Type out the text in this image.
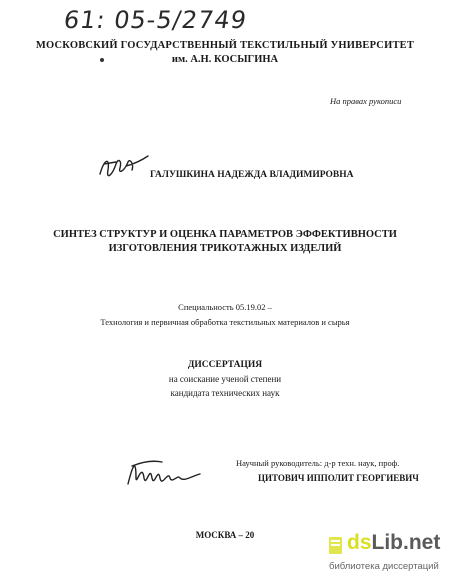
61: 05-5/2749
МОСКОВСКИЙ ГОСУДАРСТВЕННЫЙ ТЕКСТИЛЬНЫЙ УНИВЕРСИТЕТ
им. А.Н. КОСЫГИНА
На правах рукописи
ГАЛУШКИНА НАДЕЖДА ВЛАДИМИРОВНА
СИНТЕЗ СТРУКТУР И ОЦЕНКА ПАРАМЕТРОВ ЭФФЕКТИВНОСТИ
ИЗГОТОВЛЕНИЯ ТРИКОТАЖНЫХ ИЗДЕЛИЙ
Специальность 05.19.02 –
Технология и первичная обработка текстильных материалов и сырья
ДИССЕРТАЦИЯ
на соискание ученой степени
кандидата технических наук
Научный руководитель: д-р техн. наук, проф.
ЦИТОВИЧ ИППОЛИТ ГЕОРГИЕВИЧ
МОСКВА – 20	dsLib.net
библиотека диссертаций
